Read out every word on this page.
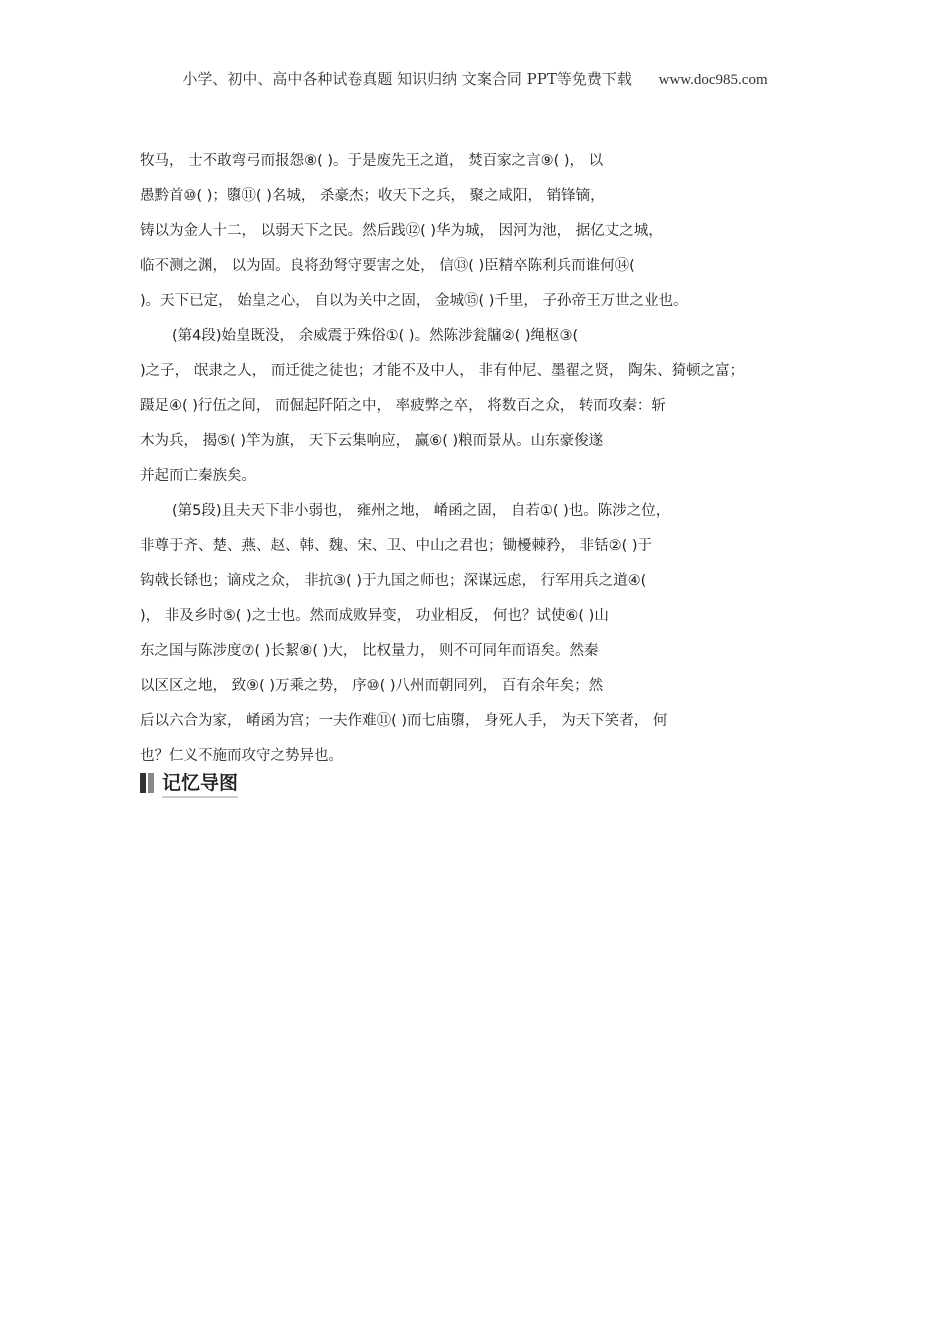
小学、初中、高中各种试卷真题 知识归纳 文案合同 PPT等免费下载 www.doc985.com
牧马， 士不敢弯弓而报怨⑧( )。于是废先王之道， 焚百家之言⑨( )， 以
愚黔首⑩( )；隳⑪( )名城， 杀豪杰；收天下之兵， 聚之咸阳， 销锋镝，
铸以为金人十二， 以弱天下之民。然后践⑫( )华为城， 因河为池， 据亿丈之城，
临不测之渊， 以为固。良将劲弩守要害之处， 信⑬( )臣精卒陈利兵而谁何⑭(
)。天下已定， 始皇之心， 自以为关中之固， 金城⑮( )千里， 子孙帝王万世之业也。
(第4段)始皇既没， 余威震于殊俗①( )。然陈涉瓮牖②( )绳枢③(
)之子， 氓隶之人， 而迁徙之徒也；才能不及中人， 非有仲尼、墨翟之贤， 陶朱、猗顿之富；
蹑足④( )行伍之间， 而倔起阡陌之中， 率疲弊之卒， 将数百之众， 转而攻秦：斩
木为兵， 揭⑤( )竿为旗， 天下云集响应， 赢⑥( )粮而景从。山东豪俊遂
并起而亡秦族矣。
(第5段)且夫天下非小弱也， 雍州之地， 崤函之固， 自若①( )也。陈涉之位，
非尊于齐、楚、燕、赵、韩、魏、宋、卫、中山之君也；锄櫌棘矜， 非铦②( )于
钩戟长铩也；谪戍之众， 非抗③( )于九国之师也；深谋远虑， 行军用兵之道④(
)， 非及乡时⑤( )之士也。然而成败异变， 功业相反， 何也？试使⑥( )山
东之国与陈涉度⑦( )长絜⑧( )大， 比权量力， 则不可同年而语矣。然秦
以区区之地， 致⑨( )万乘之势， 序⑩( )八州而朝同列， 百有余年矣；然
后以六合为家， 崤函为宫；一夫作难⑪( )而七庙隳， 身死人手， 为天下笑者， 何
也？仁义不施而攻守之势异也。
记忆导图
